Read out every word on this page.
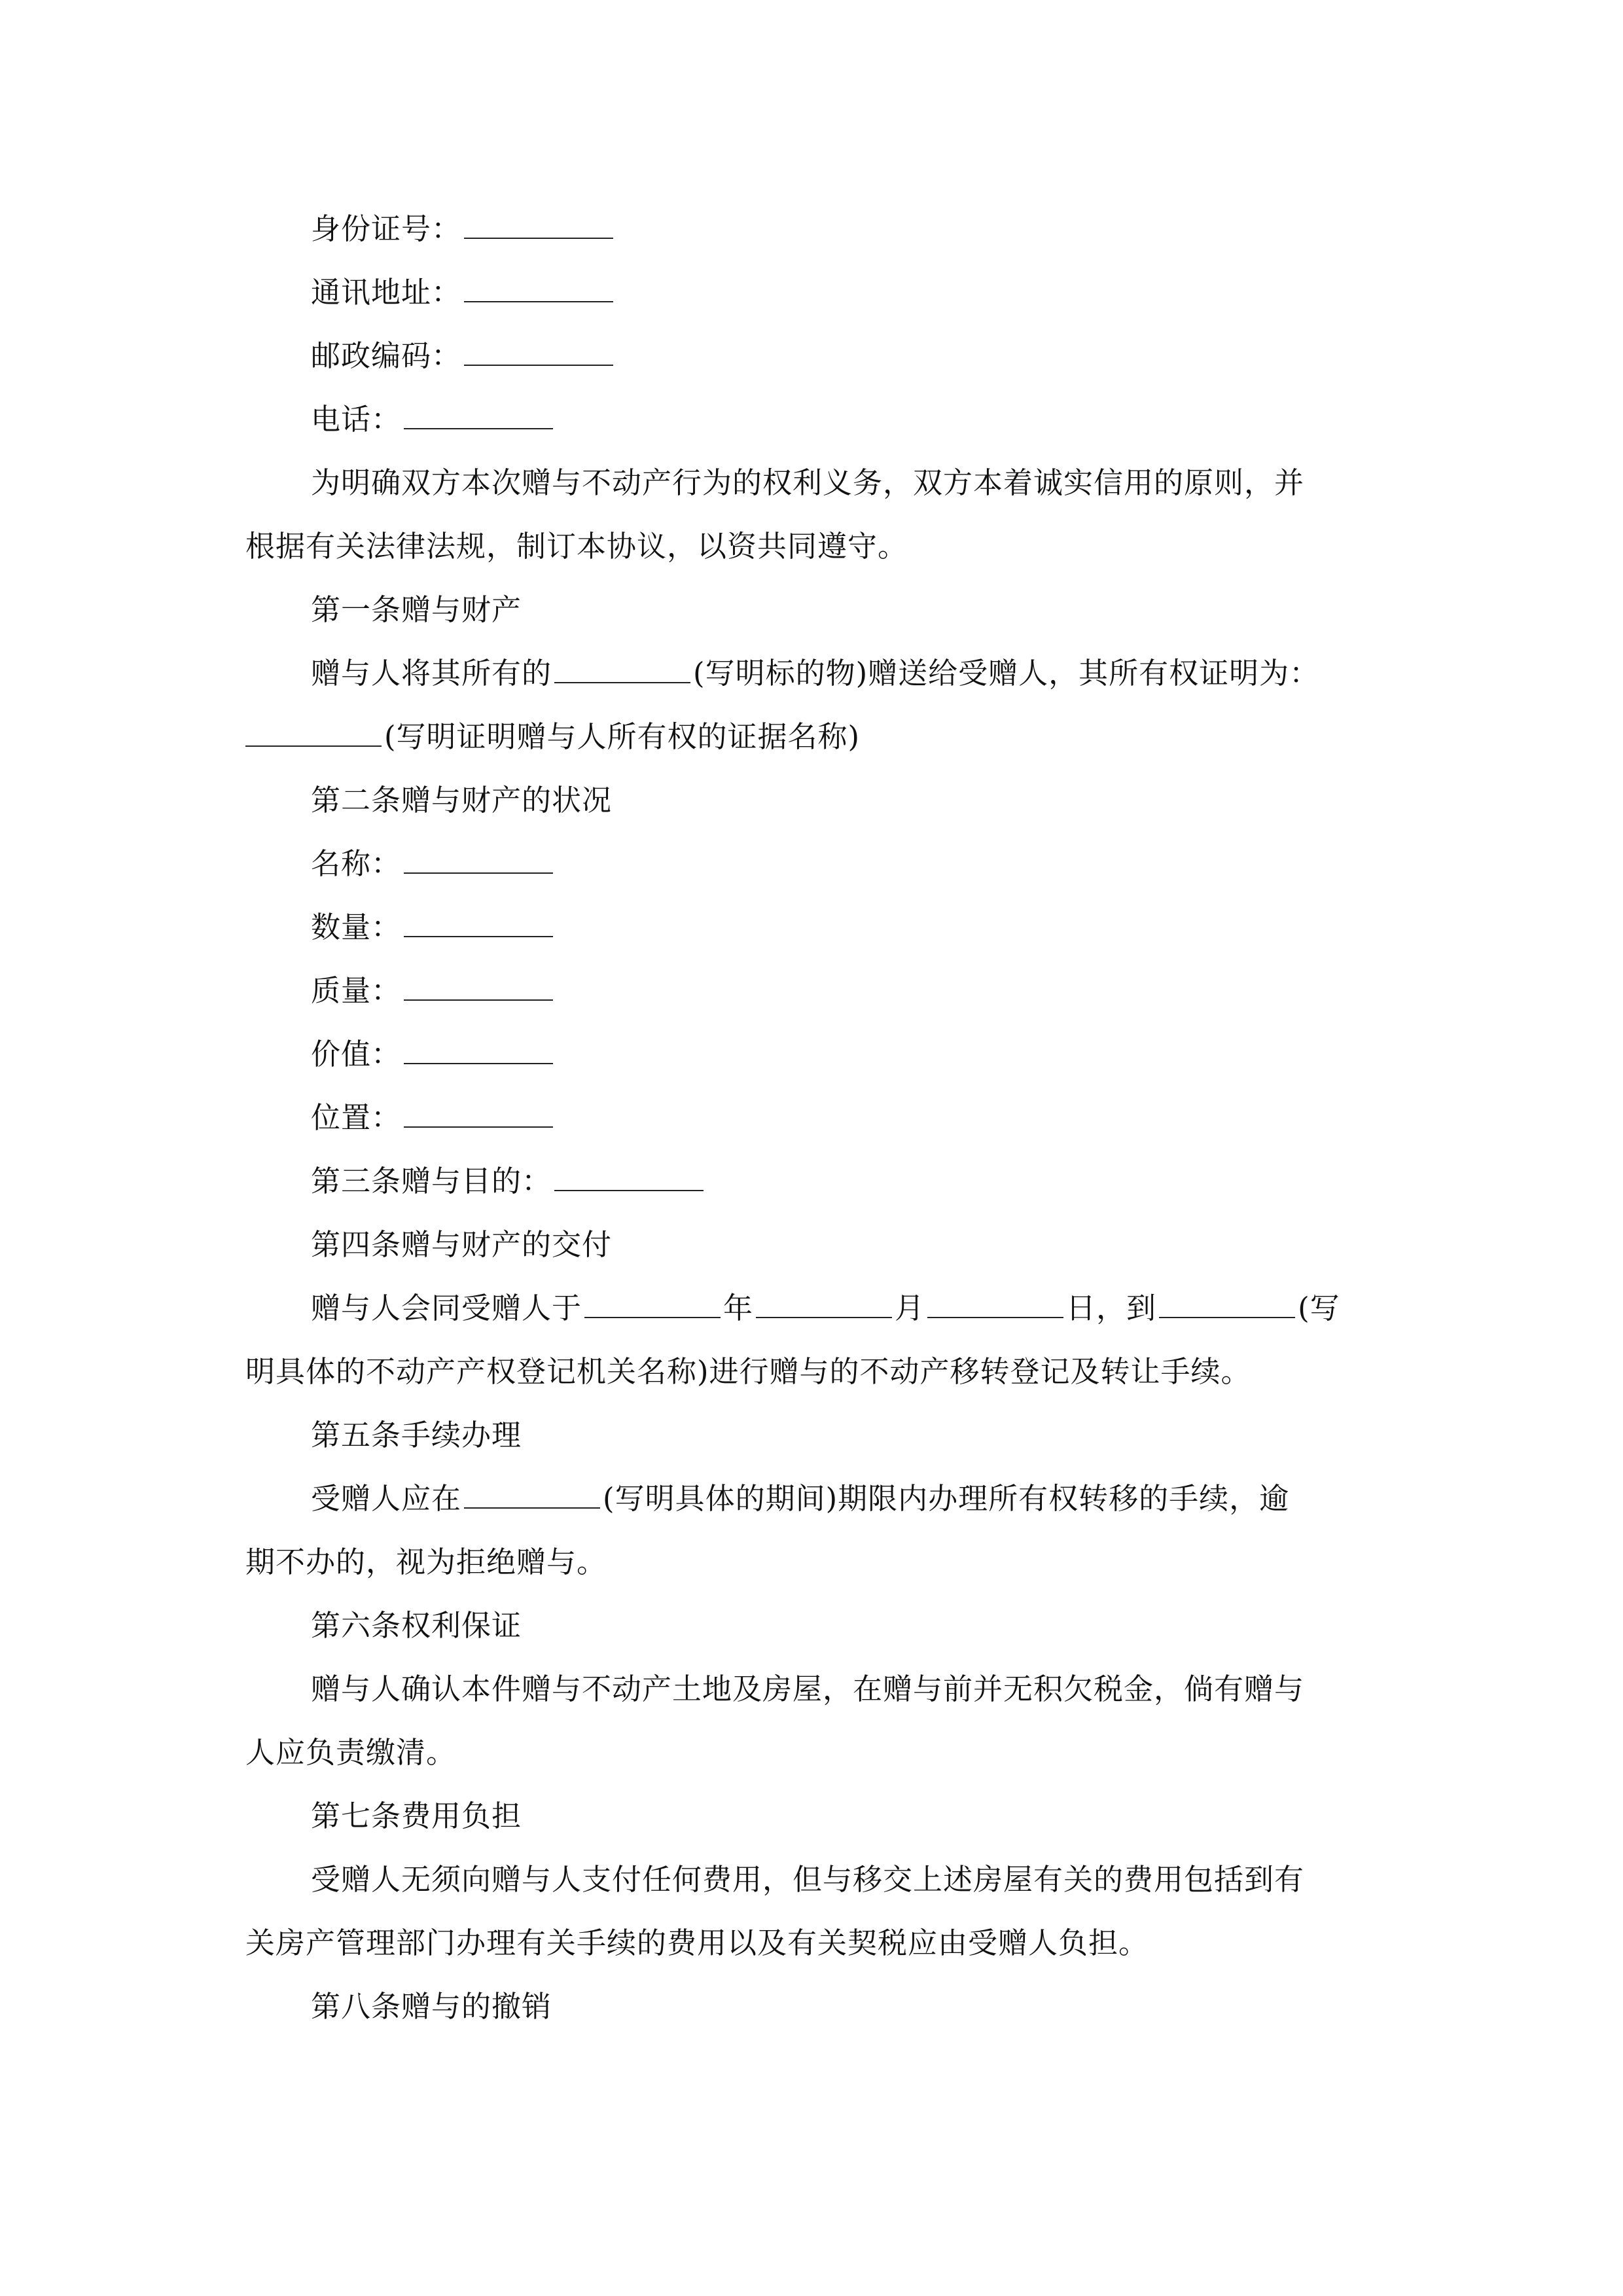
身份证号：
通讯地址：
邮政编码：
电话：
为明确双方本次赠与不动产行为的权利义务，双方本着诚实信用的原则，并
根据有关法律法规，制订本协议，以资共同遵守。
第一条赠与财产
赠与人将其所有的	(写明标的物)赠送给受赠人，其所有权证明为：
(写明证明赠与人所有权的证据名称)
第二条赠与财产的状况
名称：
数量：
质量：
价值：
位置：
第三条赠与目的：
第四条赠与财产的交付
赠与人会同受赠人于	年	月	日，到	(写
明具体的不动产产权登记机关名称)进行赠与的不动产移转登记及转让手续。
第五条手续办理
受赠人应在	(写明具体的期间)期限内办理所有权转移的手续，逾
期不办的，视为拒绝赠与。
第六条权利保证
赠与人确认本件赠与不动产土地及房屋，在赠与前并无积欠税金，倘有赠与
人应负责缴清。
第七条费用负担
受赠人无须向赠与人支付任何费用，但与移交上述房屋有关的费用包括到有
关房产管理部门办理有关手续的费用以及有关契税应由受赠人负担。
第八条赠与的撤销
